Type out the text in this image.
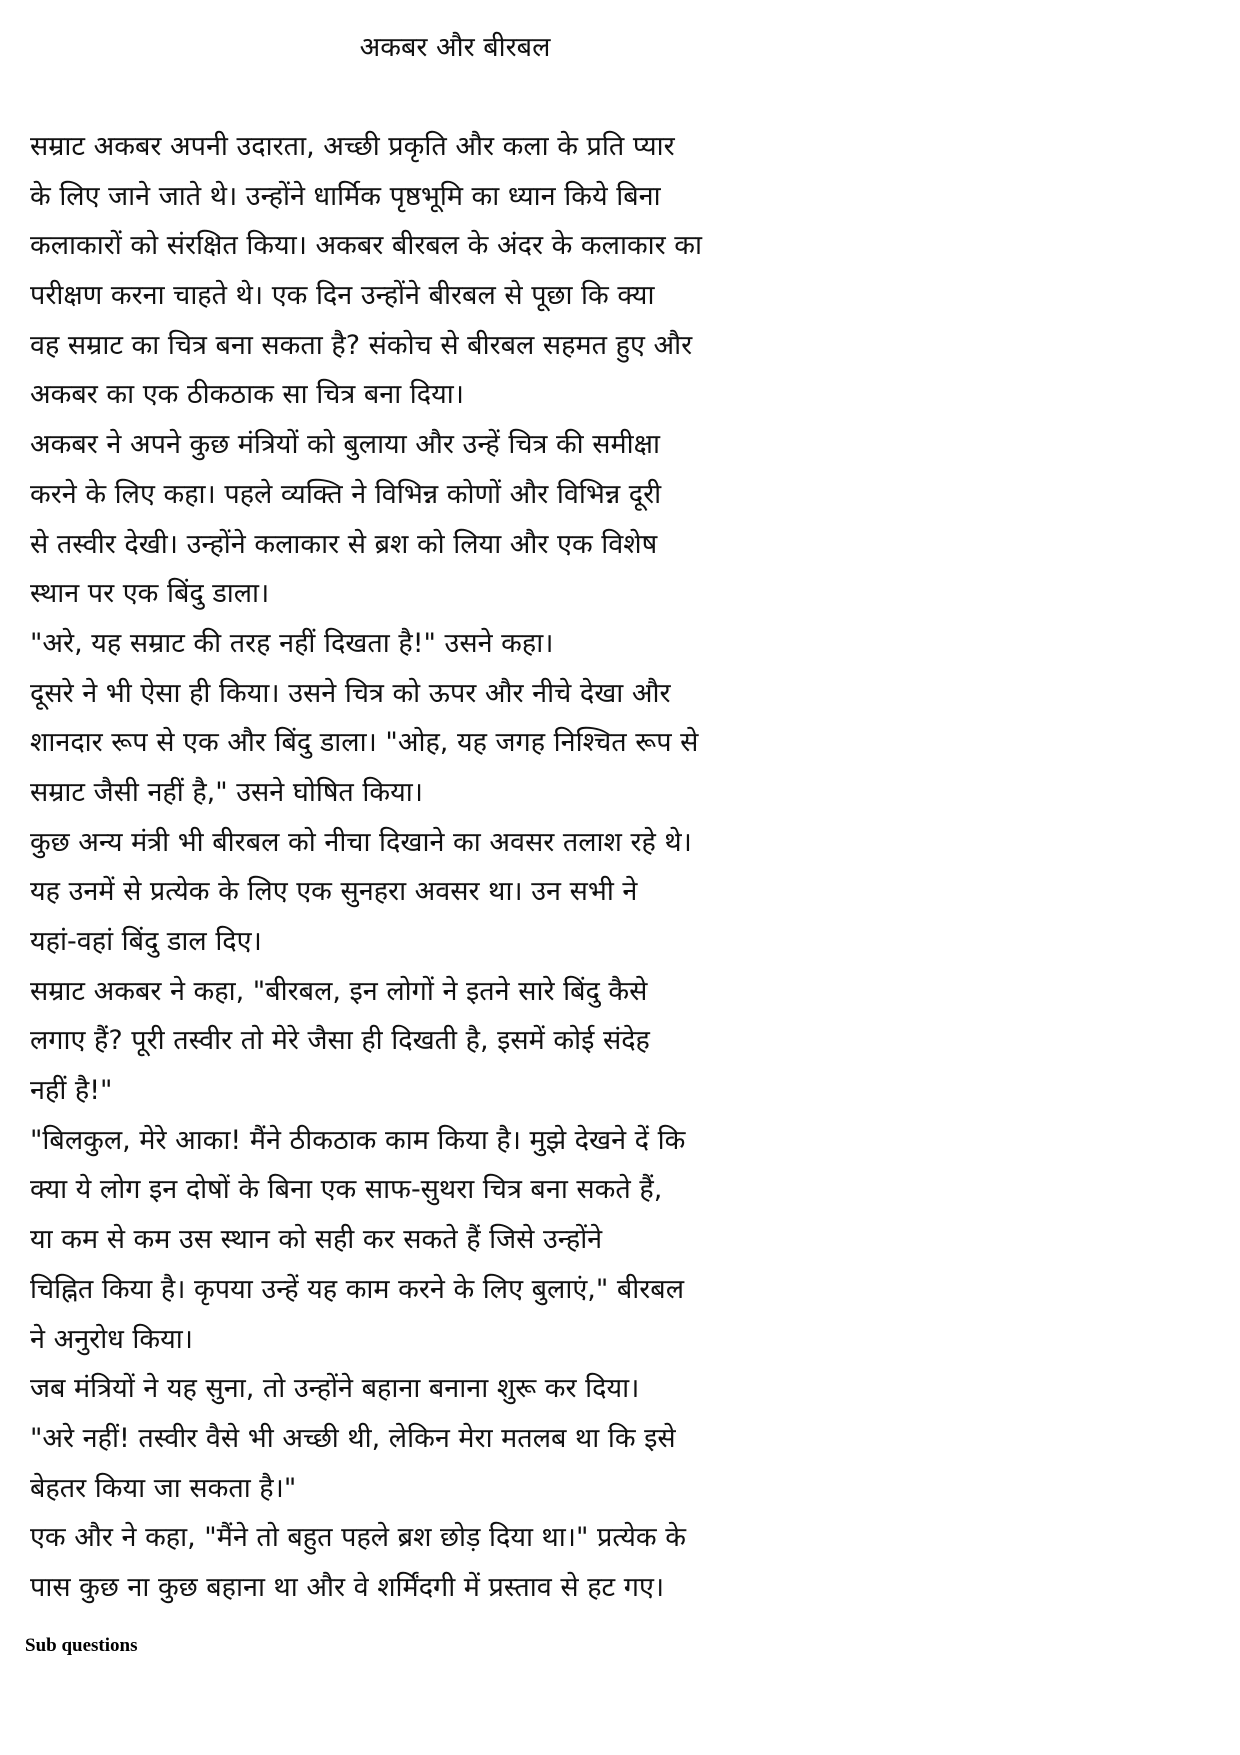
अकबर और बीरबल
सम्राट अकबर अपनी उदारता, अच्छी प्रकृति और कला के प्रति प्यार
के लिए जाने जाते थे। उन्होंने धार्मिक पृष्ठभूमि का ध्यान किये बिना
कलाकारों को संरक्षित किया। अकबर बीरबल के अंदर के कलाकार का
परीक्षण करना चाहते थे। एक दिन उन्होंने बीरबल से पूछा कि क्या
वह सम्राट का चित्र बना सकता है? संकोच से बीरबल सहमत हुए और
अकबर का एक ठीकठाक सा चित्र बना दिया।
अकबर ने अपने कुछ मंत्रियों को बुलाया और उन्हें चित्र की समीक्षा
करने के लिए कहा। पहले व्यक्ति ने विभिन्न कोणों और विभिन्न दूरी
से तस्वीर देखी। उन्होंने कलाकार से ब्रश को लिया और एक विशेष
स्थान पर एक बिंदु डाला।
"अरे, यह सम्राट की तरह नहीं दिखता है!" उसने कहा।
दूसरे ने भी ऐसा ही किया। उसने चित्र को ऊपर और नीचे देखा और
शानदार रूप से एक और बिंदु डाला। "ओह, यह जगह निश्चित रूप से
सम्राट जैसी नहीं है," उसने घोषित किया।
कुछ अन्य मंत्री भी बीरबल को नीचा दिखाने का अवसर तलाश रहे थे।
यह उनमें से प्रत्येक के लिए एक सुनहरा अवसर था। उन सभी ने
यहां-वहां बिंदु डाल दिए।
सम्राट अकबर ने कहा, "बीरबल, इन लोगों ने इतने सारे बिंदु कैसे
लगाए हैं? पूरी तस्वीर तो मेरे जैसा ही दिखती है, इसमें कोई संदेह
नहीं है!"
"बिलकुल, मेरे आका! मैंने ठीकठाक काम किया है। मुझे देखने दें कि
क्या ये लोग इन दोषों के बिना एक साफ-सुथरा चित्र बना सकते हैं,
या कम से कम उस स्थान को सही कर सकते हैं जिसे उन्होंने
चिह्नित किया है। कृपया उन्हें यह काम करने के लिए बुलाएं," बीरबल
ने अनुरोध किया।
जब मंत्रियों ने यह सुना, तो उन्होंने बहाना बनाना शुरू कर दिया।
"अरे नहीं! तस्वीर वैसे भी अच्छी थी, लेकिन मेरा मतलब था कि इसे
बेहतर किया जा सकता है।"
एक और ने कहा, "मैंने तो बहुत पहले ब्रश छोड़ दिया था।" प्रत्येक के
पास कुछ ना कुछ बहाना था और वे शर्मिंदगी में प्रस्ताव से हट गए।
Sub questions
